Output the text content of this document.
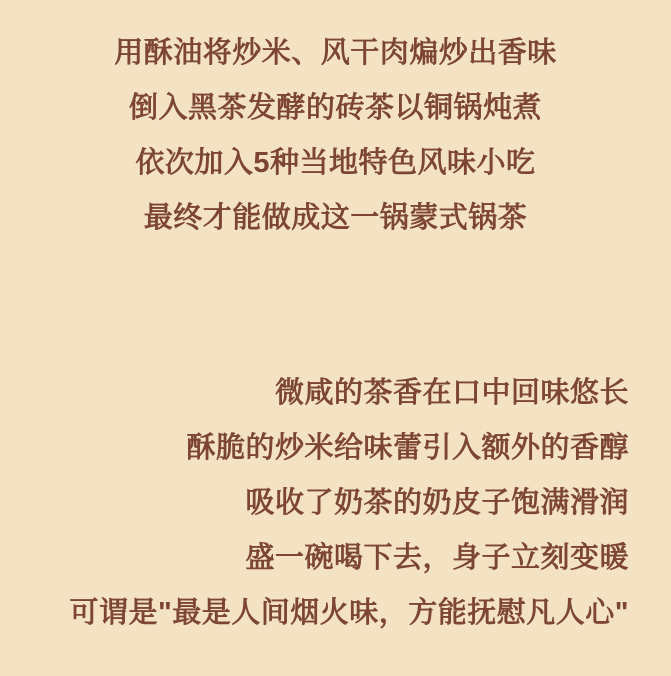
用酥油将炒米、风干肉煸炒出香味
倒入黑茶发酵的砖茶以铜锅炖煮
依次加入5种当地特色风味小吃
最终才能做成这一锅蒙式锅茶
微咸的茶香在口中回味悠长
酥脆的炒米给味蕾引入额外的香醇
吸收了奶茶的奶皮子饱满滑润
盛一碗喝下去，身子立刻变暖
可谓是"最是人间烟火味，方能抚慰凡人心"
